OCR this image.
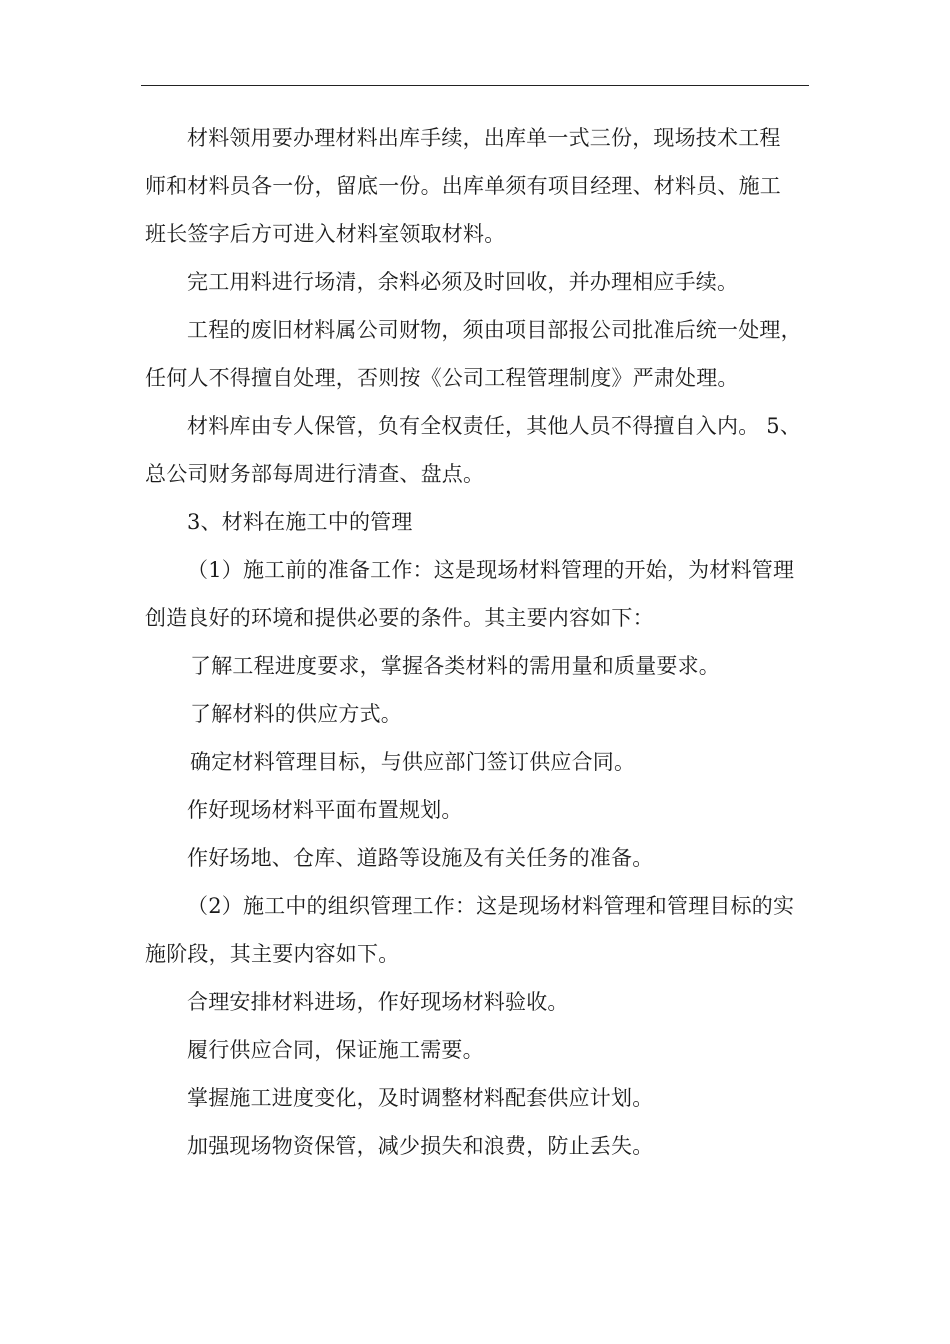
材料领用要办理材料出库手续，出库单一式三份，现场技术工程

师和材料员各一份，留底一份。出库单须有项目经理、材料员、施工

班长签字后方可进入材料室领取材料。

完工用料进行场清，余料必须及时回收，并办理相应手续。

工程的废旧材料属公司财物，须由项目部报公司批准后统一处理，

任何人不得擅自处理，否则按《公司工程管理制度》严肃处理。

材料库由专人保管，负有全权责任，其他人员不得擅自入内。 5、

总公司财务部每周进行清查、盘点。

3、材料在施工中的管理

（1）施工前的准备工作：这是现场材料管理的开始，为材料管理

创造良好的环境和提供必要的条件。其主要内容如下：

了解工程进度要求，掌握各类材料的需用量和质量要求。

了解材料的供应方式。

确定材料管理目标，与供应部门签订供应合同。

作好现场材料平面布置规划。

作好场地、仓库、道路等设施及有关任务的准备。

（2）施工中的组织管理工作：这是现场材料管理和管理目标的实

施阶段，其主要内容如下。

合理安排材料进场，作好现场材料验收。

履行供应合同，保证施工需要。

掌握施工进度变化，及时调整材料配套供应计划。

加强现场物资保管，减少损失和浪费，防止丢失。
